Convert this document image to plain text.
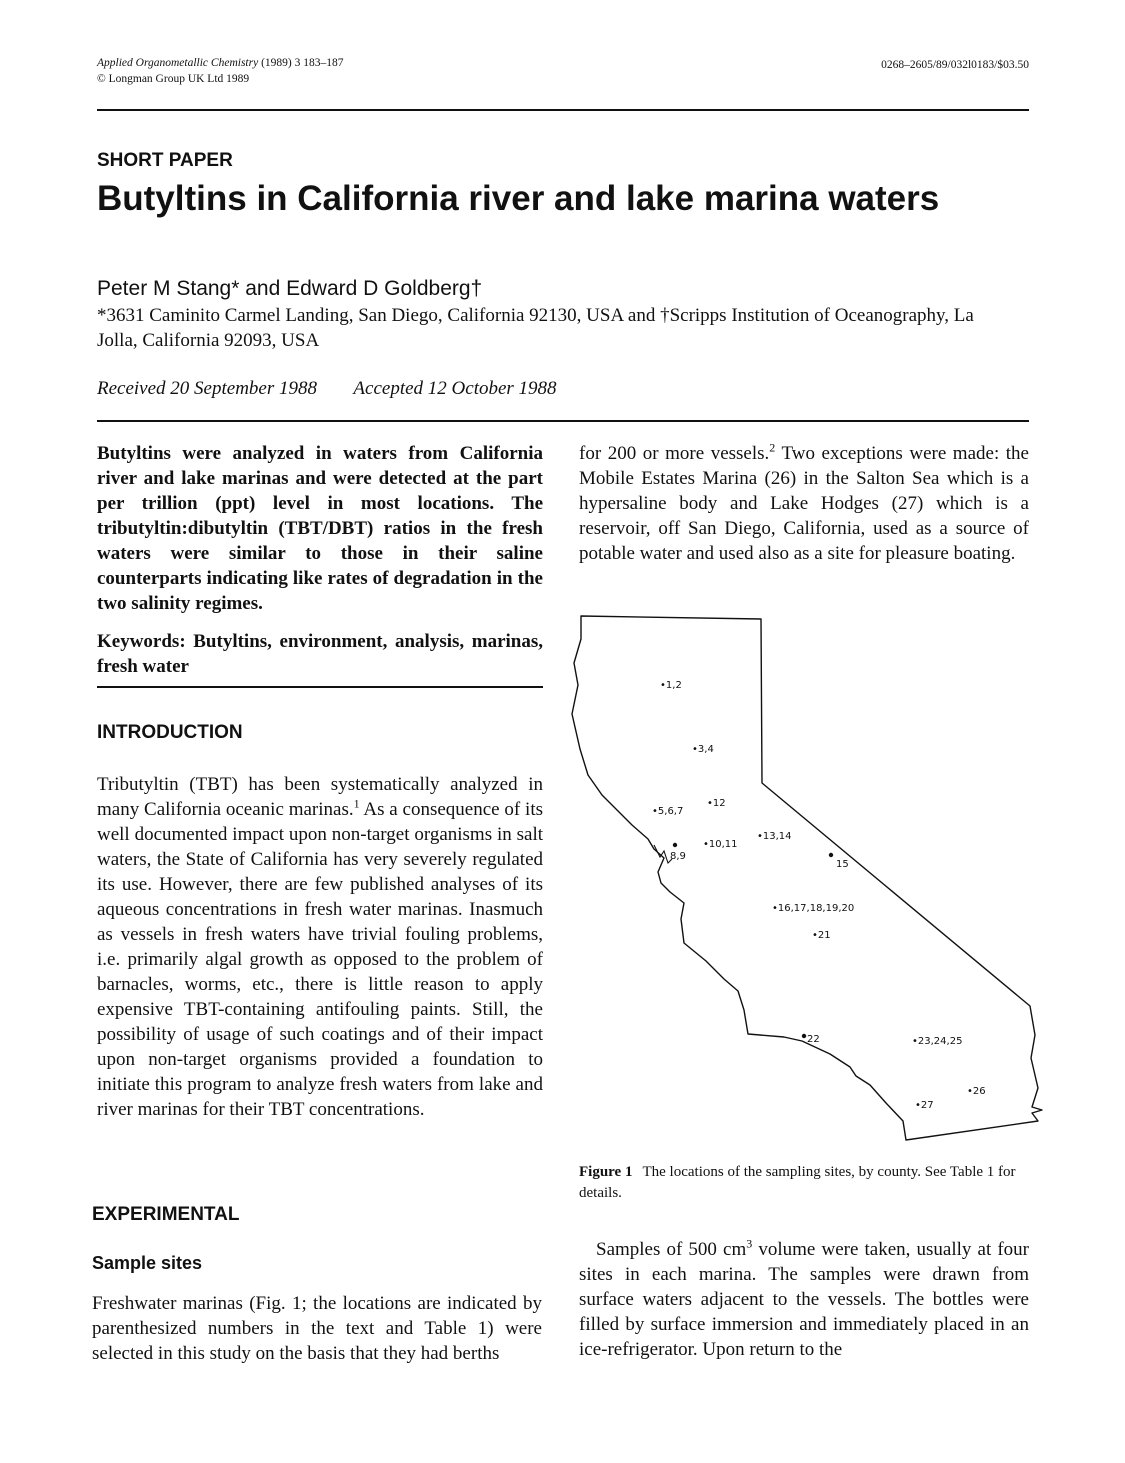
Applied Organometallic Chemistry (1989) 3 183–187
© Longman Group UK Ltd 1989
0268–2605/89/032l0183/$03.50
SHORT PAPER
Butyltins in California river and lake marina waters
Peter M Stang* and Edward D Goldberg†
*3631 Caminito Carmel Landing, San Diego, California 92130, USA and †Scripps Institution of Oceanography, La Jolla, California 92093, USA
Received 20 September 1988 Accepted 12 October 1988

Butyltins were analyzed in waters from California river and lake marinas and were detected at the part per trillion (ppt) level in most locations. The tributyltin:dibutyltin (TBT/DBT) ratios in the fresh waters were similar to those in their saline counterparts indicating like rates of degradation in the two salinity regimes.

Keywords: Butyltins, environment, analysis, marinas, fresh water

INTRODUCTION

Tributyltin (TBT) has been systematically analyzed in many California oceanic marinas.$^1$ As a consequence of its well documented impact upon non-target organisms in salt waters, the State of California has very severely regulated its use. However, there are few published analyses of its aqueous concentrations in fresh water marinas. Inasmuch as vessels in fresh waters have trivial fouling problems, i.e. primarily algal growth as opposed to the problem of barnacles, worms, etc., there is little reason to apply expensive TBT-containing antifouling paints. Still, the possibility of usage of such coatings and of their impact upon non-target organisms provided a foundation to initiate this program to analyze fresh waters from lake and river marinas for their TBT concentrations.

EXPERIMENTAL
Sample sites

Freshwater marinas (Fig. 1; the locations are indicated by parenthesized numbers in the text and Table 1) were selected in this study on the basis that they had berths

for 200 or more vessels.$^2$ Two exceptions were made: the Mobile Estates Marina (26) in the Salton Sea which is a hypersaline body and Lake Hodges (27) which is a reservoir, off San Diego, California, used as a source of potable water and used also as a site for pleasure boating.

•1,2
•3,4
•5,6,7
•12
8,9
•10,11
•13,14
15
•16,17,18,19,20
•21
22	•23,24,25
•26
•27
Figure 1 The locations of the sampling sites, by county. See Table 1 for details.

Samples of 500 $cm^3$ volume were taken, usually at four sites in each marina. The samples were drawn from surface waters adjacent to the vessels. The bottles were filled by surface immersion and immediately placed in an ice-refrigerator. Upon return to the
